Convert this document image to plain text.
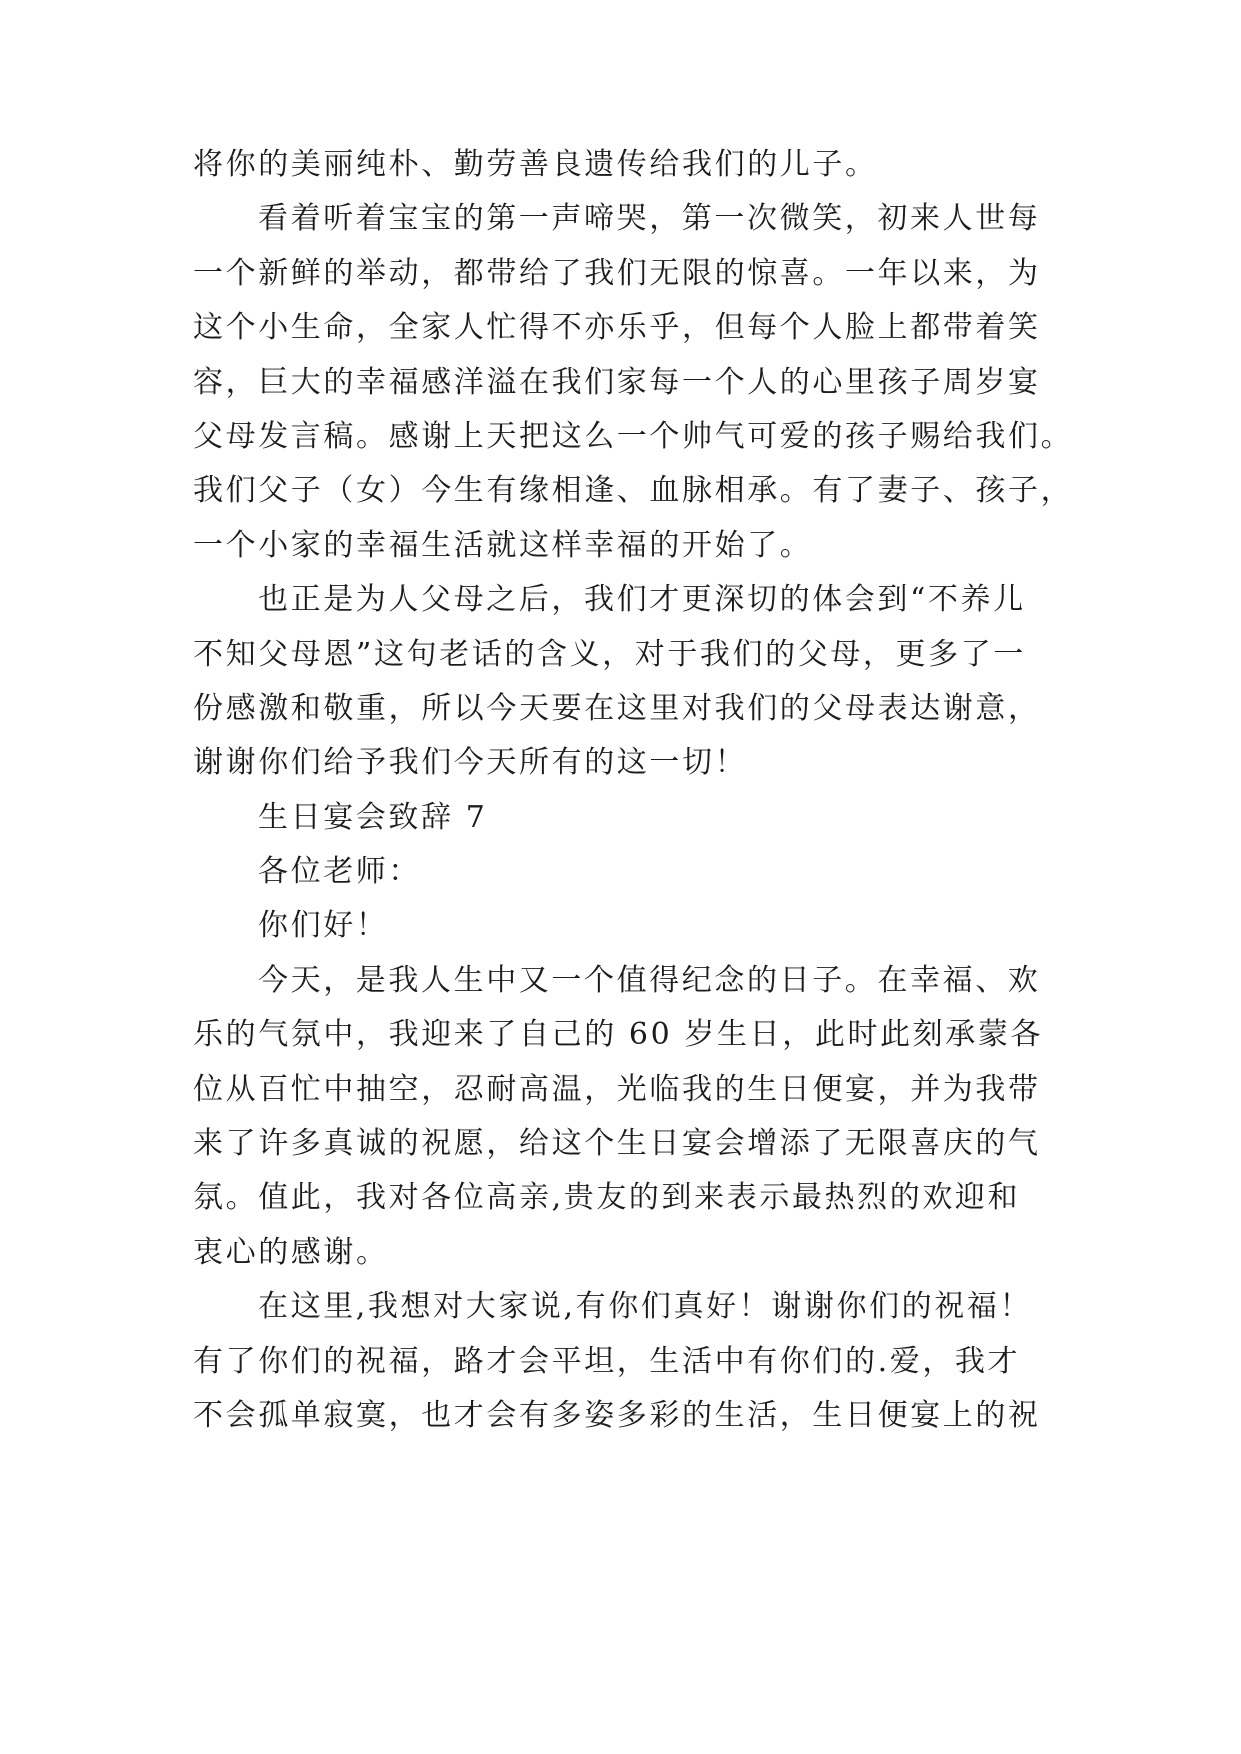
将你的美丽纯朴、勤劳善良遗传给我们的儿子。
看着听着宝宝的第一声啼哭，第一次微笑，初来人世每
一个新鲜的举动，都带给了我们无限的惊喜。一年以来，为
这个小生命，全家人忙得不亦乐乎，但每个人脸上都带着笑
容，巨大的幸福感洋溢在我们家每一个人的心里孩子周岁宴
父母发言稿。感谢上天把这么一个帅气可爱的孩子赐给我们。
我们父子（女）今生有缘相逢、血脉相承。有了妻子、孩子，
一个小家的幸福生活就这样幸福的开始了。
也正是为人父母之后，我们才更深切的体会到“不养儿
不知父母恩”这句老话的含义，对于我们的父母，更多了一
份感激和敬重，所以今天要在这里对我们的父母表达谢意，
谢谢你们给予我们今天所有的这一切！
生日宴会致辞 7
各位老师：
你们好！
今天，是我人生中又一个值得纪念的日子。在幸福、欢
乐的气氛中，我迎来了自己的 60 岁生日，此时此刻承蒙各
位从百忙中抽空，忍耐高温，光临我的生日便宴，并为我带
来了许多真诚的祝愿，给这个生日宴会增添了无限喜庆的气
氛。值此，我对各位高亲,贵友的到来表示最热烈的欢迎和
衷心的感谢。
在这里,我想对大家说,有你们真好！谢谢你们的祝福！
有了你们的祝福，路才会平坦，生活中有你们的.爱，我才
不会孤单寂寞，也才会有多姿多彩的生活，生日便宴上的祝
